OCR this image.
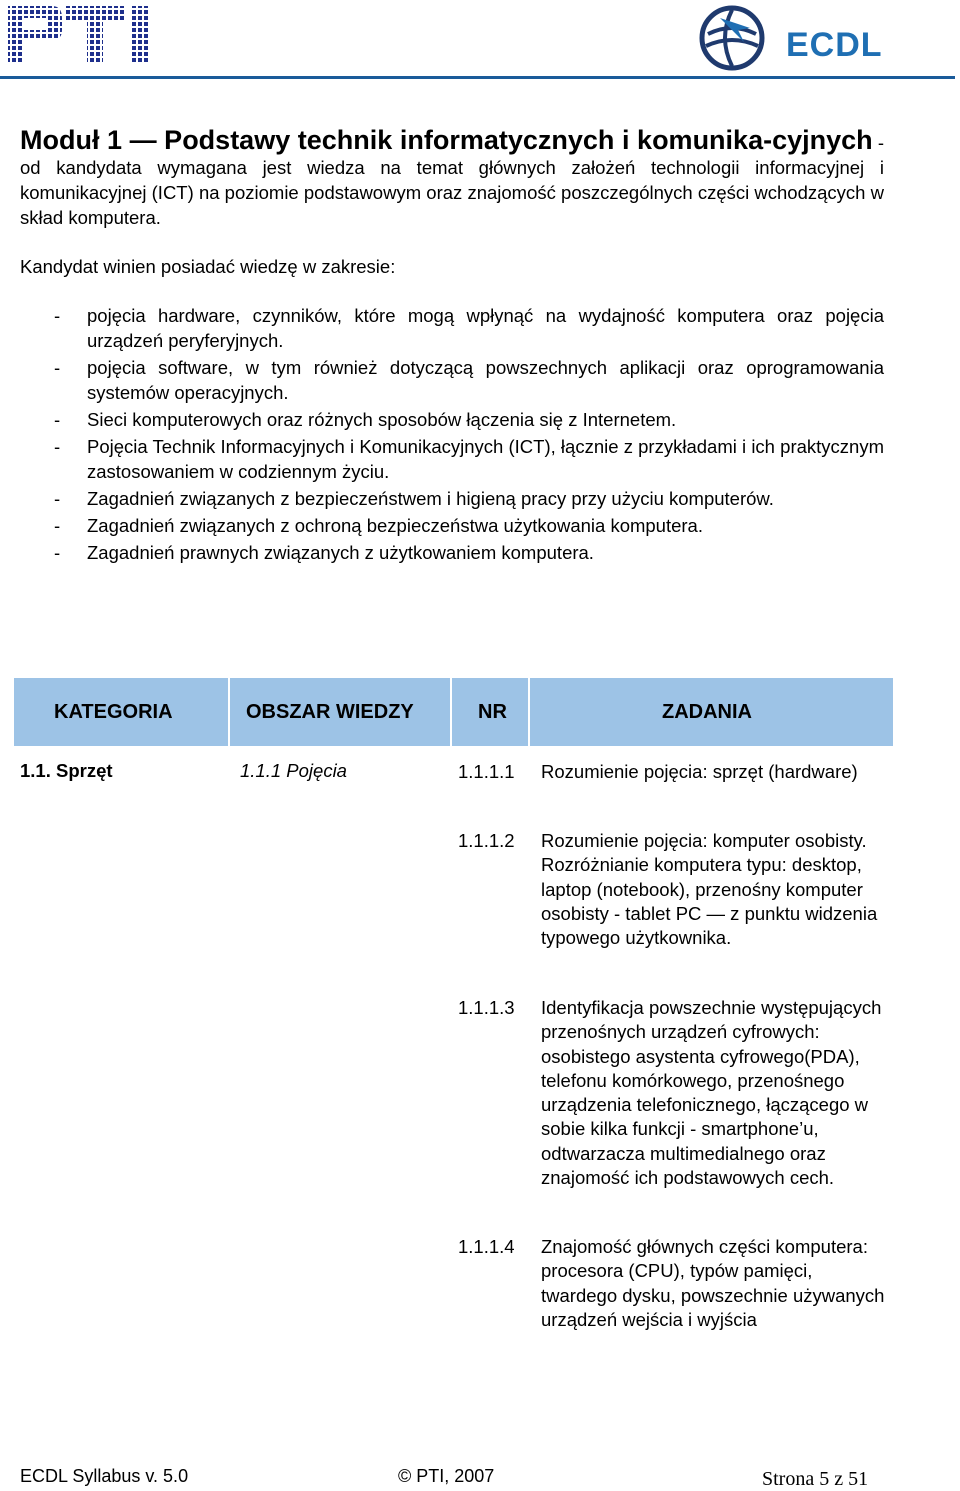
ECDL

Moduł 1 — Podstawy technik informatycznych i komunika-cyjnych - od kandydata wymagana jest wiedza na temat głównych założeń technologii informacyjnej i komunikacyjnej (ICT) na poziomie podstawowym oraz znajomość poszczególnych części wchodzących w skład komputera.

Kandydat winien posiadać wiedzę w zakresie:

- pojęcia hardware, czynników, które mogą wpłynąć na wydajność komputera oraz pojęcia urządzeń peryferyjnych.
- pojęcia software, w tym również dotyczącą powszechnych aplikacji oraz oprogramowania systemów operacyjnych.
- Sieci komputerowych oraz różnych sposobów łączenia się z Internetem.
- Pojęcia Technik Informacyjnych i Komunikacyjnych (ICT), łącznie z przykładami i ich praktycznym zastosowaniem w codziennym życiu.
- Zagadnień związanych z bezpieczeństwem i higieną pracy przy użyciu komputerów.
- Zagadnień związanych z ochroną bezpieczeństwa użytkowania komputera.
- Zagadnień prawnych związanych z użytkowaniem komputera.
KATEGORIA	OBSZAR WIEDZY	NR	ZADANIA
1.1. Sprzęt	1.1.1 Pojęcia	1.1.1.1	Rozumienie pojęcia: sprzęt (hardware)
1.1.1.2	Rozumienie pojęcia: komputer osobisty. Rozróżnianie komputera typu: desktop, laptop (notebook), przenośny komputer osobisty - tablet PC — z punktu widzenia typowego użytkownika.
1.1.1.3	Identyfikacja powszechnie występujących przenośnych urządzeń cyfrowych: osobistego asystenta cyfrowego(PDA), telefonu komórkowego, przenośnego urządzenia telefonicznego, łączącego w sobie kilka funkcji - smartphone’u, odtwarzacza multimedialnego oraz znajomość ich podstawowych cech.
1.1.1.4	Znajomość głównych części komputera: procesora (CPU), typów pamięci, twardego dysku, powszechnie używanych urządzeń wejścia i wyjścia
ECDL Syllabus v. 5.0	© PTI, 2007	Strona 5 z 51
